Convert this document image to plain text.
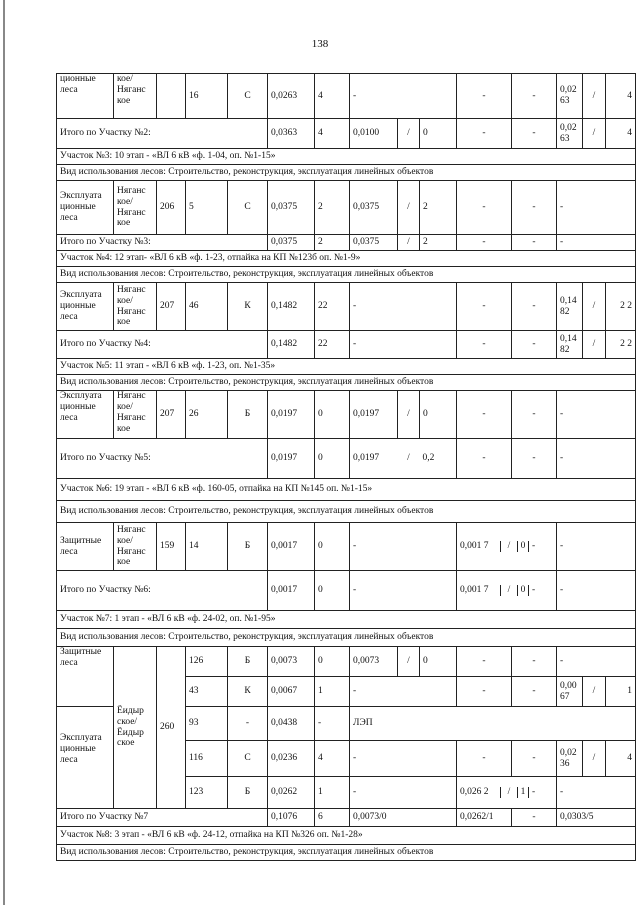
138
ционные леса	кое/ Няганс кое		16	С	0,0263	4	-			-	-	0,02 63	/	4
Итого по Участку №2:					0,0363	4	0,0100	/	0	-	-	0,02 63	/	4
Участок №3: 10 этап - «ВЛ 6 кВ «ф. 1-04, оп. №1-15»														
Вид использования лесов: Строительство, реконструкция, эксплуатация линейных объектов														
Эксплуата ционные леса	Няганс кое/ Няганс кое	206	5	С	0,0375	2	0,0375	/	2	-	-	-		
Итого по Участку №3:					0,0375	2	0,0375	/	2	-	-	-		
Участок №4: 12 этап- «ВЛ 6 кВ «ф. 1-23, отпайка на КП №123б оп. №1-9»														
Вид использования лесов: Строительство, реконструкция, эксплуатация линейных объектов														
Эксплуата ционные леса	Няганс кое/ Няганс кое	207	46	К	0,1482	22	-			-	-	0,14 82	/	2 2
Итого по Участку №4:					0,1482	22	-			-	-	0,14 82	/	2 2
Участок №5: 11 этап - «ВЛ 6 кВ «ф. 1-23, оп. №1-35»														
Вид использования лесов: Строительство, реконструкция, эксплуатация линейных объектов														
Эксплуата ционные леса	Няганс кое/ Няганс кое	207	26	Б	0,0197	0	0,0197	/	0	-	-	-		
Итого по Участку №5:					0,0197	0	0,0197	/	0,2	-	-	-		
Участок №6: 19 этап - «ВЛ 6 кВ «ф. 160-05, отпайка на КП №145 оп. №1-15»														
Вид использования лесов: Строительство, реконструкция, эксплуатация линейных объектов														
Защитные леса	Няганс кое/ Няганс кое	159	14	Б	0,0017	0	-			0,001 7 / 0 -		-		
Итого по Участку №6:					0,0017	0	-			0,001 7 / 0 -		-		
Участок №7: 1 этап - «ВЛ 6 кВ «ф. 24-02, оп. №1-95»														
Вид использования лесов: Строительство, реконструкция, эксплуатация линейных объектов														
Защитные леса	Ёидыр ское/ Ёидыр ское	260	126	Б	0,0073	0	0,0073	/	0	-	-	-		
			43	К	0,0067	1	-			-	-	0,00 67	/	1
Эксплуата ционные леса			93	-	0,0438	-	ЛЭП							
			116	С	0,0236	4	-			-	-	0,02 36	/	4
			123	Б	0,0262	1	-			0,026 2 / 1 -		-		
Итого по Участку №7					0,1076	6	0,0073/0			0,0262/1	-	0,0303/5		
Участок №8: 3 этап - «ВЛ 6 кВ «ф. 24-12, отпайка на КП №326 оп. №1-28»														
Вид использования лесов: Строительство, реконструкция, эксплуатация линейных объектов														
